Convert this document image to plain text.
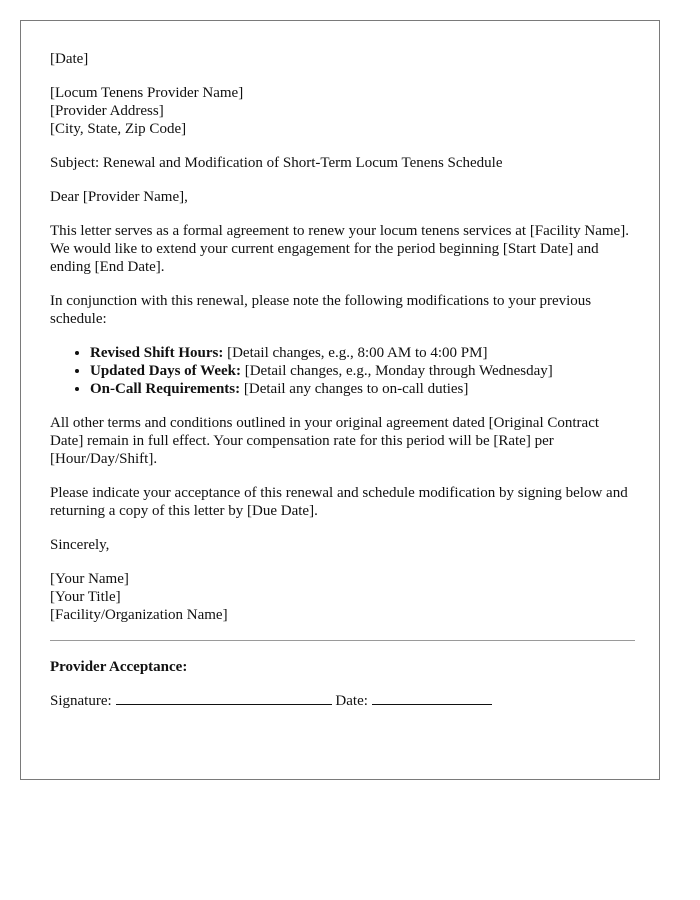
[Date]
[Locum Tenens Provider Name]
[Provider Address]
[City, State, Zip Code]
Subject: Renewal and Modification of Short-Term Locum Tenens Schedule
Dear [Provider Name],
This letter serves as a formal agreement to renew your locum tenens services at [Facility Name]. We would like to extend your current engagement for the period beginning [Start Date] and ending [End Date].
In conjunction with this renewal, please note the following modifications to your previous schedule:
• Revised Shift Hours: [Detail changes, e.g., 8:00 AM to 4:00 PM]
• Updated Days of Week: [Detail changes, e.g., Monday through Wednesday]
• On-Call Requirements: [Detail any changes to on-call duties]
All other terms and conditions outlined in your original agreement dated [Original Contract Date] remain in full effect. Your compensation rate for this period will be [Rate] per [Hour/Day/Shift].
Please indicate your acceptance of this renewal and schedule modification by signing below and returning a copy of this letter by [Due Date].
Sincerely,
[Your Name]
[Your Title]
[Facility/Organization Name]
Provider Acceptance:
Signature:	Date:
